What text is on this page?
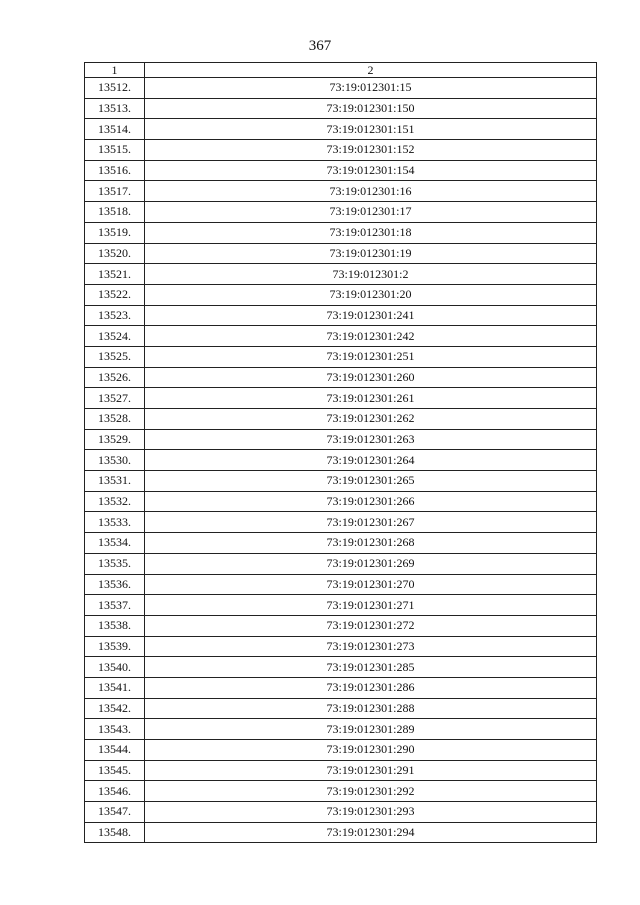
367
1	2
13512.	73:19:012301:15
13513.	73:19:012301:150
13514.	73:19:012301:151
13515.	73:19:012301:152
13516.	73:19:012301:154
13517.	73:19:012301:16
13518.	73:19:012301:17
13519.	73:19:012301:18
13520.	73:19:012301:19
13521.	73:19:012301:2
13522.	73:19:012301:20
13523.	73:19:012301:241
13524.	73:19:012301:242
13525.	73:19:012301:251
13526.	73:19:012301:260
13527.	73:19:012301:261
13528.	73:19:012301:262
13529.	73:19:012301:263
13530.	73:19:012301:264
13531.	73:19:012301:265
13532.	73:19:012301:266
13533.	73:19:012301:267
13534.	73:19:012301:268
13535.	73:19:012301:269
13536.	73:19:012301:270
13537.	73:19:012301:271
13538.	73:19:012301:272
13539.	73:19:012301:273
13540.	73:19:012301:285
13541.	73:19:012301:286
13542.	73:19:012301:288
13543.	73:19:012301:289
13544.	73:19:012301:290
13545.	73:19:012301:291
13546.	73:19:012301:292
13547.	73:19:012301:293
13548.	73:19:012301:294
